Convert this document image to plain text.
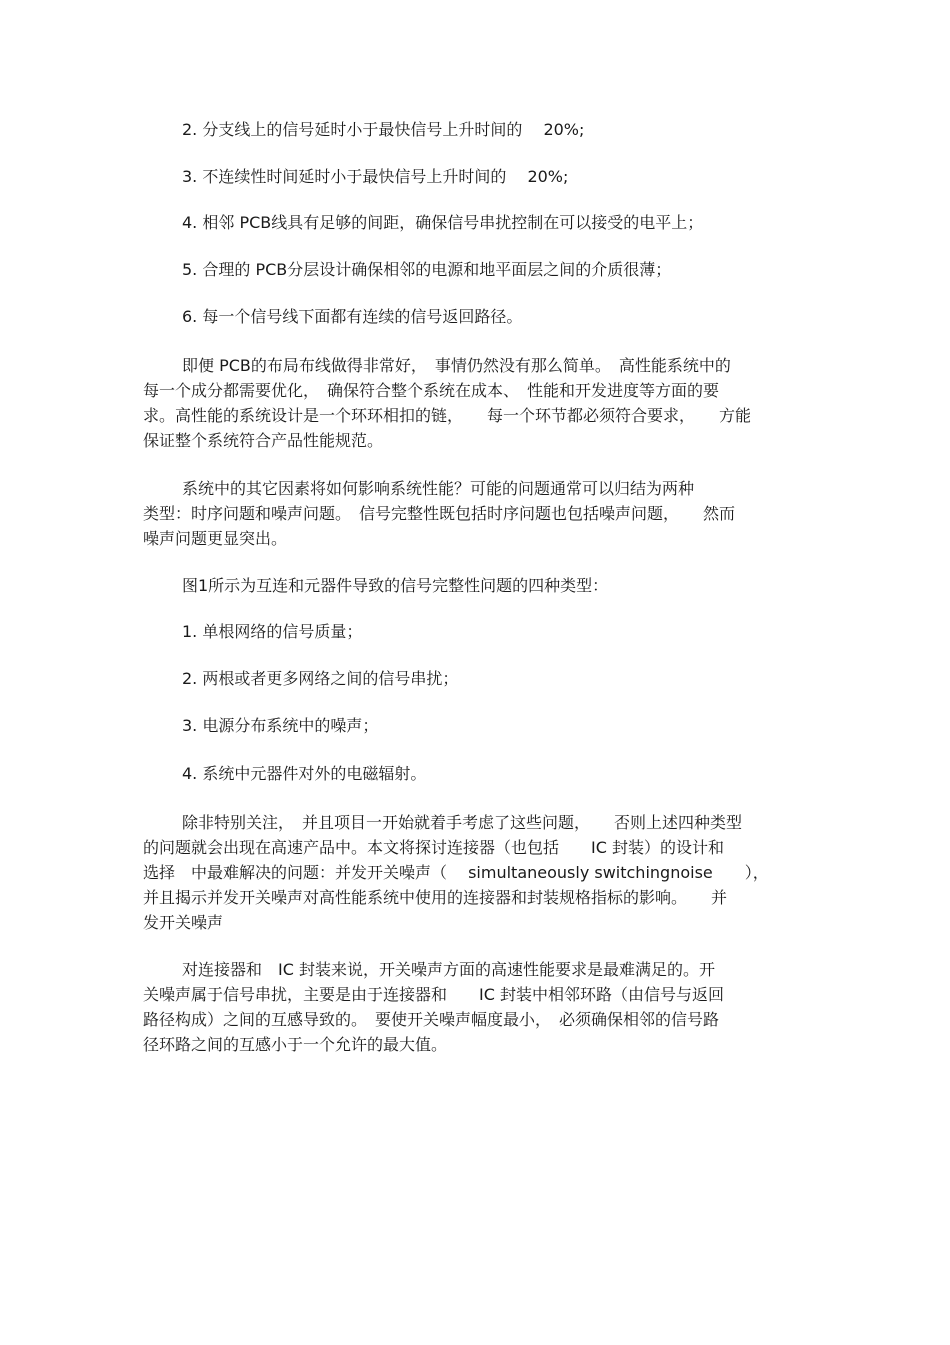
2. 分支线上的信号延时小于最快信号上升时间的　 20%;
3. 不连续性时间延时小于最快信号上升时间的　 20%;
4. 相邻 PCB线具有足够的间距，确保信号串扰控制在可以接受的电平上；
5. 合理的 PCB分层设计确保相邻的电源和地平面层之间的介质很薄；
6. 每一个信号线下面都有连续的信号返回路径。
即便 PCB的布局布线做得非常好，　事情仍然没有那么简单。　高性能系统中的
每一个成分都需要优化，　确保符合整个系统在成本、　性能和开发进度等方面的要
求。高性能的系统设计是一个环环相扣的链，　　每一个环节都必须符合要求，　　方能
保证整个系统符合产品性能规范。
系统中的其它因素将如何影响系统性能？可能的问题通常可以归结为两种
类型：时序问题和噪声问题。　信号完整性既包括时序问题也包括噪声问题，　　然而
噪声问题更显突出。
图1所示为互连和元器件导致的信号完整性问题的四种类型：
1. 单根网络的信号质量；
2. 两根或者更多网络之间的信号串扰；
3. 电源分布系统中的噪声；
4. 系统中元器件对外的电磁辐射。
除非特别关注，　并且项目一开始就着手考虑了这些问题，　　否则上述四种类型
的问题就会出现在高速产品中。本文将探讨连接器（也包括　　IC 封装）的设计和
选择　中最难解决的问题：并发开关噪声（　 simultaneously switchingnoise　　），
并且揭示并发开关噪声对高性能系统中使用的连接器和封装规格指标的影响。　　并
发开关噪声
对连接器和　IC 封装来说，开关噪声方面的高速性能要求是最难满足的。开
关噪声属于信号串扰，主要是由于连接器和　　IC 封装中相邻环路（由信号与返回
路径构成）之间的互感导致的。　要使开关噪声幅度最小，　必须确保相邻的信号路
径环路之间的互感小于一个允许的最大值。
